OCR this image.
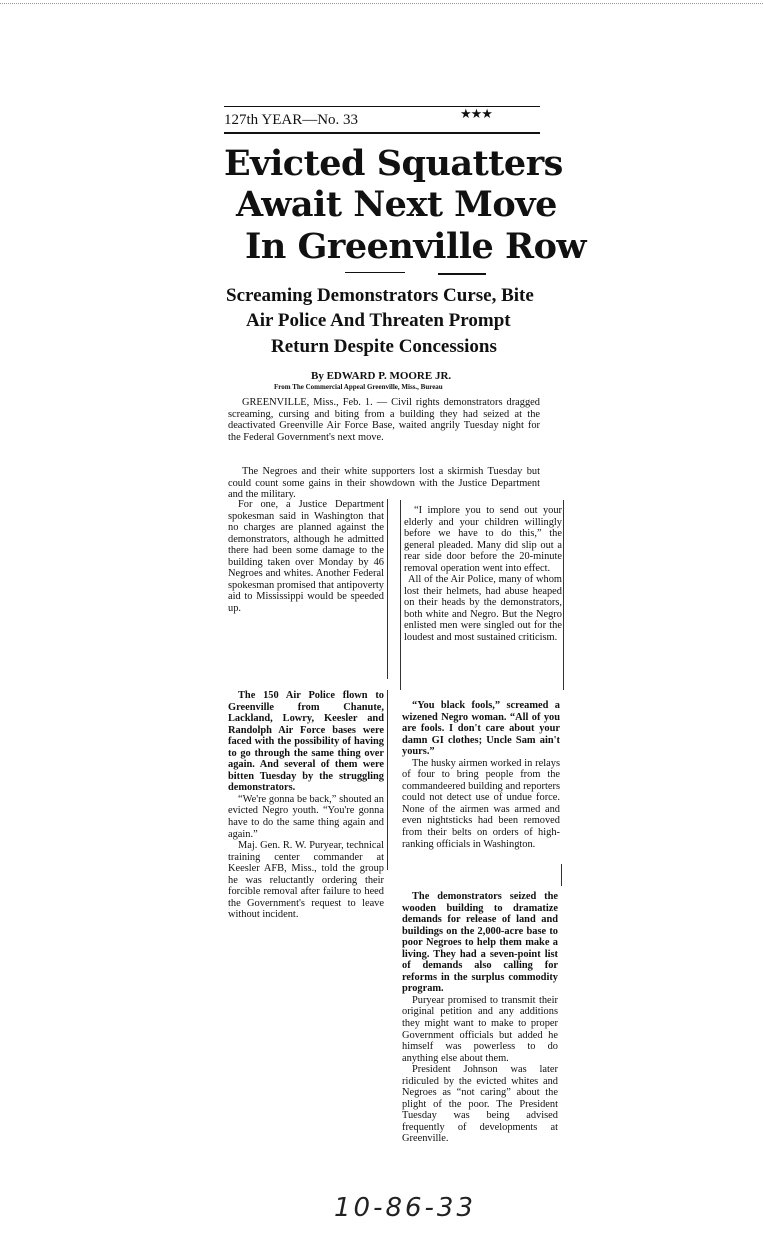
127th YEAR—No. 33	★★★
Evicted Squatters
Await Next Move
In Greenville Row
Screaming Demonstrators Curse, Bite
Air Police And Threaten Prompt
Return Despite Concessions
By EDWARD P. MOORE JR.
From The Commercial Appeal Greenville, Miss., Bureau

GREENVILLE, Miss., Feb. 1. — Civil rights demonstrators dragged screaming, cursing and biting from a building they had seized at the deactivated Greenville Air Force Base, waited angrily Tuesday night for the Federal Government's next move.

The Negroes and their white supporters lost a skirmish Tuesday but could count some gains in their showdown with the Justice Department and the military.

For one, a Justice Department spokesman said in Washington that no charges are planned against the demonstrators, although he admitted there had been some damage to the building taken over Monday by 46 Negroes and whites. Another Federal spokesman promised that antipoverty aid to Mississippi would be speeded up.

The 150 Air Police flown to Greenville from Chanute, Lackland, Lowry, Keesler and Randolph Air Force bases were faced with the possibility of having to go through the same thing over again. And several of them were bitten Tuesday by the struggling demonstrators.

“We're gonna be back,” shouted an evicted Negro youth. “You're gonna have to do the same thing again and again.”

Maj. Gen. R. W. Puryear, technical training center commander at Keesler AFB, Miss., told the group he was reluctantly ordering their forcible removal after failure to heed the Government's request to leave without incident.

“I implore you to send out your elderly and your children willingly before we have to do this,” the general pleaded. Many did slip out a rear side door before the 20-minute removal operation went into effect.

All of the Air Police, many of whom lost their helmets, had abuse heaped on their heads by the demonstrators, both white and Negro. But the Negro enlisted men were singled out for the loudest and most sustained criticism.

“You black fools,” screamed a wizened Negro woman. “All of you are fools. I don't care about your damn GI clothes; Uncle Sam ain't yours.”

The husky airmen worked in relays of four to bring people from the commandeered building and reporters could not detect use of undue force. None of the airmen was armed and even nightsticks had been removed from their belts on orders of high-ranking officials in Washington.

The demonstrators seized the wooden building to dramatize demands for release of land and buildings on the 2,000-acre base to poor Negroes to help them make a living. They had a seven-point list of demands also calling for reforms in the surplus commodity program.

Puryear promised to transmit their original petition and any additions they might want to make to proper Government officials but added he himself was powerless to do anything else about them.

President Johnson was later ridiculed by the evicted whites and Negroes as “not caring” about the plight of the poor. The President Tuesday was being advised frequently of developments at Greenville.

10-86-33
